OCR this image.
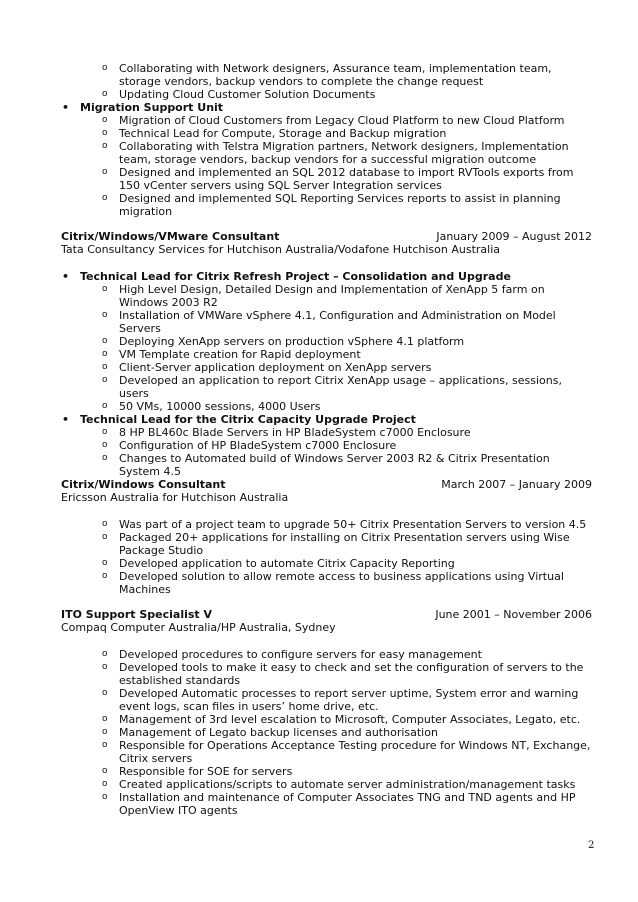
o Collaborating with Network designers, Assurance team, implementation team, storage vendors, backup vendors to complete the change request
o Updating Cloud Customer Solution Documents
• Migration Support Unit
o Migration of Cloud Customers from Legacy Cloud Platform to new Cloud Platform
o Technical Lead for Compute, Storage and Backup migration
o Collaborating with Telstra Migration partners, Network designers, Implementation team, storage vendors, backup vendors for a successful migration outcome
o Designed and implemented an SQL 2012 database to import RVTools exports from 150 vCenter servers using SQL Server Integration services
o Designed and implemented SQL Reporting Services reports to assist in planning migration
Citrix/Windows/VMware Consultant	January 2009 – August 2012
Tata Consultancy Services for Hutchison Australia/Vodafone Hutchison Australia
• Technical Lead for Citrix Refresh Project – Consolidation and Upgrade
o High Level Design, Detailed Design and Implementation of XenApp 5 farm on Windows 2003 R2
o Installation of VMWare vSphere 4.1, Configuration and Administration on Model Servers
o Deploying XenApp servers on production vSphere 4.1 platform
o VM Template creation for Rapid deployment
o Client-Server application deployment on XenApp servers
o Developed an application to report Citrix XenApp usage – applications, sessions, users
o 50 VMs, 10000 sessions, 4000 Users
• Technical Lead for the Citrix Capacity Upgrade Project
o 8 HP BL460c Blade Servers in HP BladeSystem c7000 Enclosure
o Configuration of HP BladeSystem c7000 Enclosure
o Changes to Automated build of Windows Server 2003 R2 & Citrix Presentation System 4.5
Citrix/Windows Consultant	March 2007 – January 2009
Ericsson Australia for Hutchison Australia
o Was part of a project team to upgrade 50+ Citrix Presentation Servers to version 4.5
o Packaged 20+ applications for installing on Citrix Presentation servers using Wise Package Studio
o Developed application to automate Citrix Capacity Reporting
o Developed solution to allow remote access to business applications using Virtual Machines
ITO Support Specialist V	June 2001 – November 2006
Compaq Computer Australia/HP Australia, Sydney
o Developed procedures to configure servers for easy management
o Developed tools to make it easy to check and set the configuration of servers to the established standards
o Developed Automatic processes to report server uptime, System error and warning event logs, scan files in users’ home drive, etc.
o Management of 3rd level escalation to Microsoft, Computer Associates, Legato, etc.
o Management of Legato backup licenses and authorisation
o Responsible for Operations Acceptance Testing procedure for Windows NT, Exchange, Citrix servers
o Responsible for SOE for servers
o Created applications/scripts to automate server administration/management tasks
o Installation and maintenance of Computer Associates TNG and TND agents and HP OpenView ITO agents
2
